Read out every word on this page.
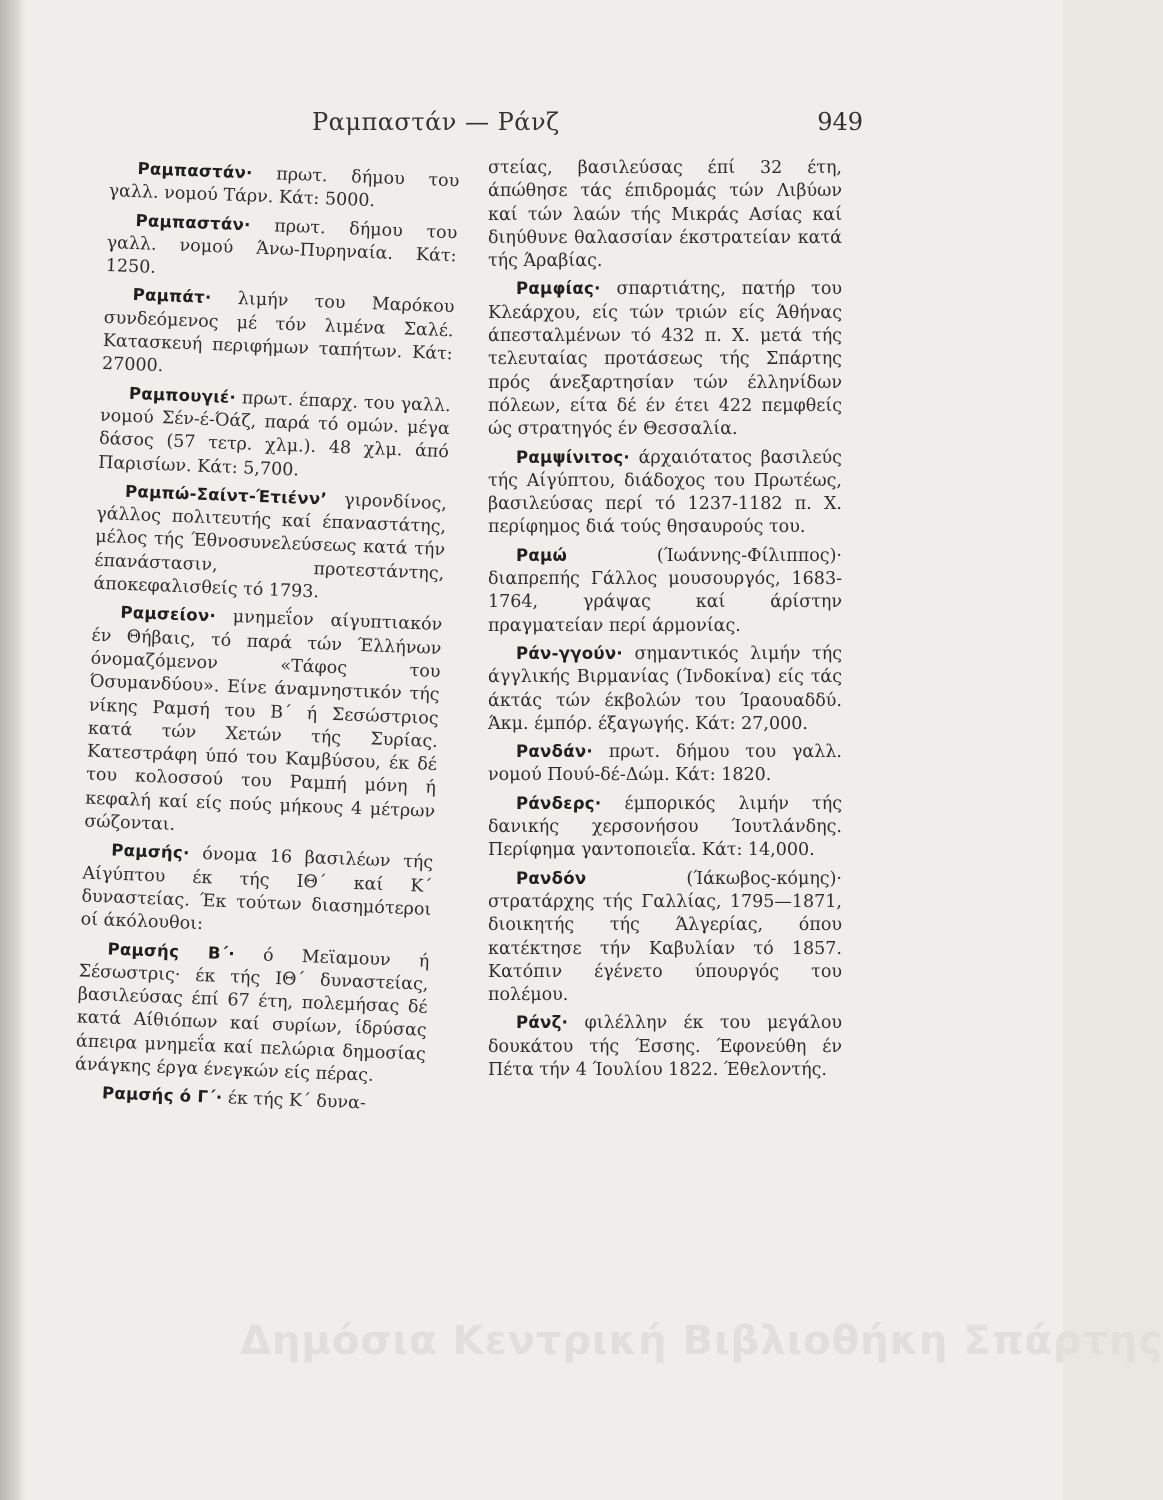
Ραμπαστάν — Ράνζ	949

Ραμπαστάν· πρωτ. δήμου του γαλλ. νομού Τάρν. Κάτ: 5000.

Ραμπαστάν· πρωτ. δήμου του γαλλ. νομού Άνω-Πυρηναία. Κάτ: 1250.

Ραμπάτ· λιμήν του Μαρόκου συνδεόμενος μέ τόν λιμένα Σαλέ. Κατασκευή περιφήμων ταπήτων. Κάτ: 27000.

Ραμπουγιέ· πρωτ. έπαρχ. του γαλλ. νομού Σέν-έ-Όάζ, παρά τό ομών. μέγα δάσος (57 τετρ. χλμ.). 48 χλμ. άπό Παρισίων. Κάτ: 5,700.

Ραμπώ-Σαίντ-Έτιέννʼ γιρονδίνος, γάλλος πολιτευτής καί έπαναστάτης, μέλος τής Έθνοσυνελεύσεως κατά τήν έπανάστασιν, προτεστάντης, άποκεφαλισθείς τό 1793.

Ραμσείον· μνημεΐον αίγυπτιακόν έν Θήβαις, τό παρά τών Έλλήνων όνομαζόμενον «Τάφος του Όσυμανδύου». Είνε άναμνηστικόν τής νίκης Ραμσή του Β΄ ή Σεσώστριος κατά τών Χετών τής Συρίας. Κατεστράφη ύπό του Καμβύσου, έκ δέ του κολοσσού του Ραμπή μόνη ή κεφαλή καί είς πούς μήκους 4 μέτρων σώζονται.

Ραμσής· όνομα 16 βασιλέων τής Αίγύπτου έκ τής ΙΘ΄ καί Κ΄ δυναστείας. Έκ τούτων διασημότεροι οί άκόλουθοι:

Ραμσής Β΄· ό Μεϊαμουν ή Σέσωστρις· έκ τής ΙΘ΄ δυναστείας, βασιλεύσας έπί 67 έτη, πολεμήσας δέ κατά Αίθιόπων καί συρίων, ίδρύσας άπειρα μνημεΐα καί πελώρια δημοσίας άνάγκης έργα ένεγκών είς πέρας.

Ραμσής ό Γ΄· έκ τής Κ΄ δυνα-

στείας, βασιλεύσας έπί 32 έτη, άπώθησε τάς έπιδρομάς τών Λιβύων καί τών λαών τής Μικράς Ασίας καί διηύθυνε θαλασσίαν έκστρατείαν κατά τής Άραβίας.

Ραμφίας· σπαρτιάτης, πατήρ του Κλεάρχου, είς τών τριών είς Άθήνας άπεσταλμένων τό 432 π. Χ. μετά τής τελευταίας προτάσεως τής Σπάρτης πρός άνεξαρτησίαν τών έλληνίδων πόλεων, είτα δέ έν έτει 422 πεμφθείς ώς στρατηγός έν Θεσσαλία.

Ραμψίνιτος· άρχαιότατος βασιλεύς τής Αίγύπτου, διάδοχος του Πρωτέως, βασιλεύσας περί τό 1237-1182 π. Χ. περίφημος διά τούς θησαυρούς του.

Ραμώ (Ίωάννης-Φίλιππος)· διαπρεπής Γάλλος μουσουργός, 1683-1764, γράψας καί άρίστην πραγματείαν περί άρμονίας.

Ράν-γγούν· σημαντικός λιμήν τής άγγλικής Βιρμανίας (Ίνδοκίνα) είς τάς άκτάς τών έκβολών του Ίραουαδδύ. Άκμ. έμπόρ. έξαγωγής. Κάτ: 27,000.

Ρανδάν· πρωτ. δήμου του γαλλ. νομού Πουύ-δέ-Δώμ. Κάτ: 1820.

Ράνδερς· έμπορικός λιμήν τής δανικής χερσονήσου Ίουτλάνδης. Περίφημα γαντοποιεΐα. Κάτ: 14,000.

Ρανδόν (Ίάκωβος-κόμης)· στρατάρχης τής Γαλλίας, 1795—1871, διοικητής τής Άλγερίας, όπου κατέκτησε τήν Καβυλίαν τό 1857. Κατόπιν έγένετο ύπουργός του πολέμου.

Ράνζ· φιλέλλην έκ του μεγάλου δουκάτου τής Έσσης. Έφονεύθη έν Πέτα τήν 4 Ίουλίου 1822. Έθελοντής.

Δημόσια Κεντρική Βιβλιοθήκη Σπάρτης
